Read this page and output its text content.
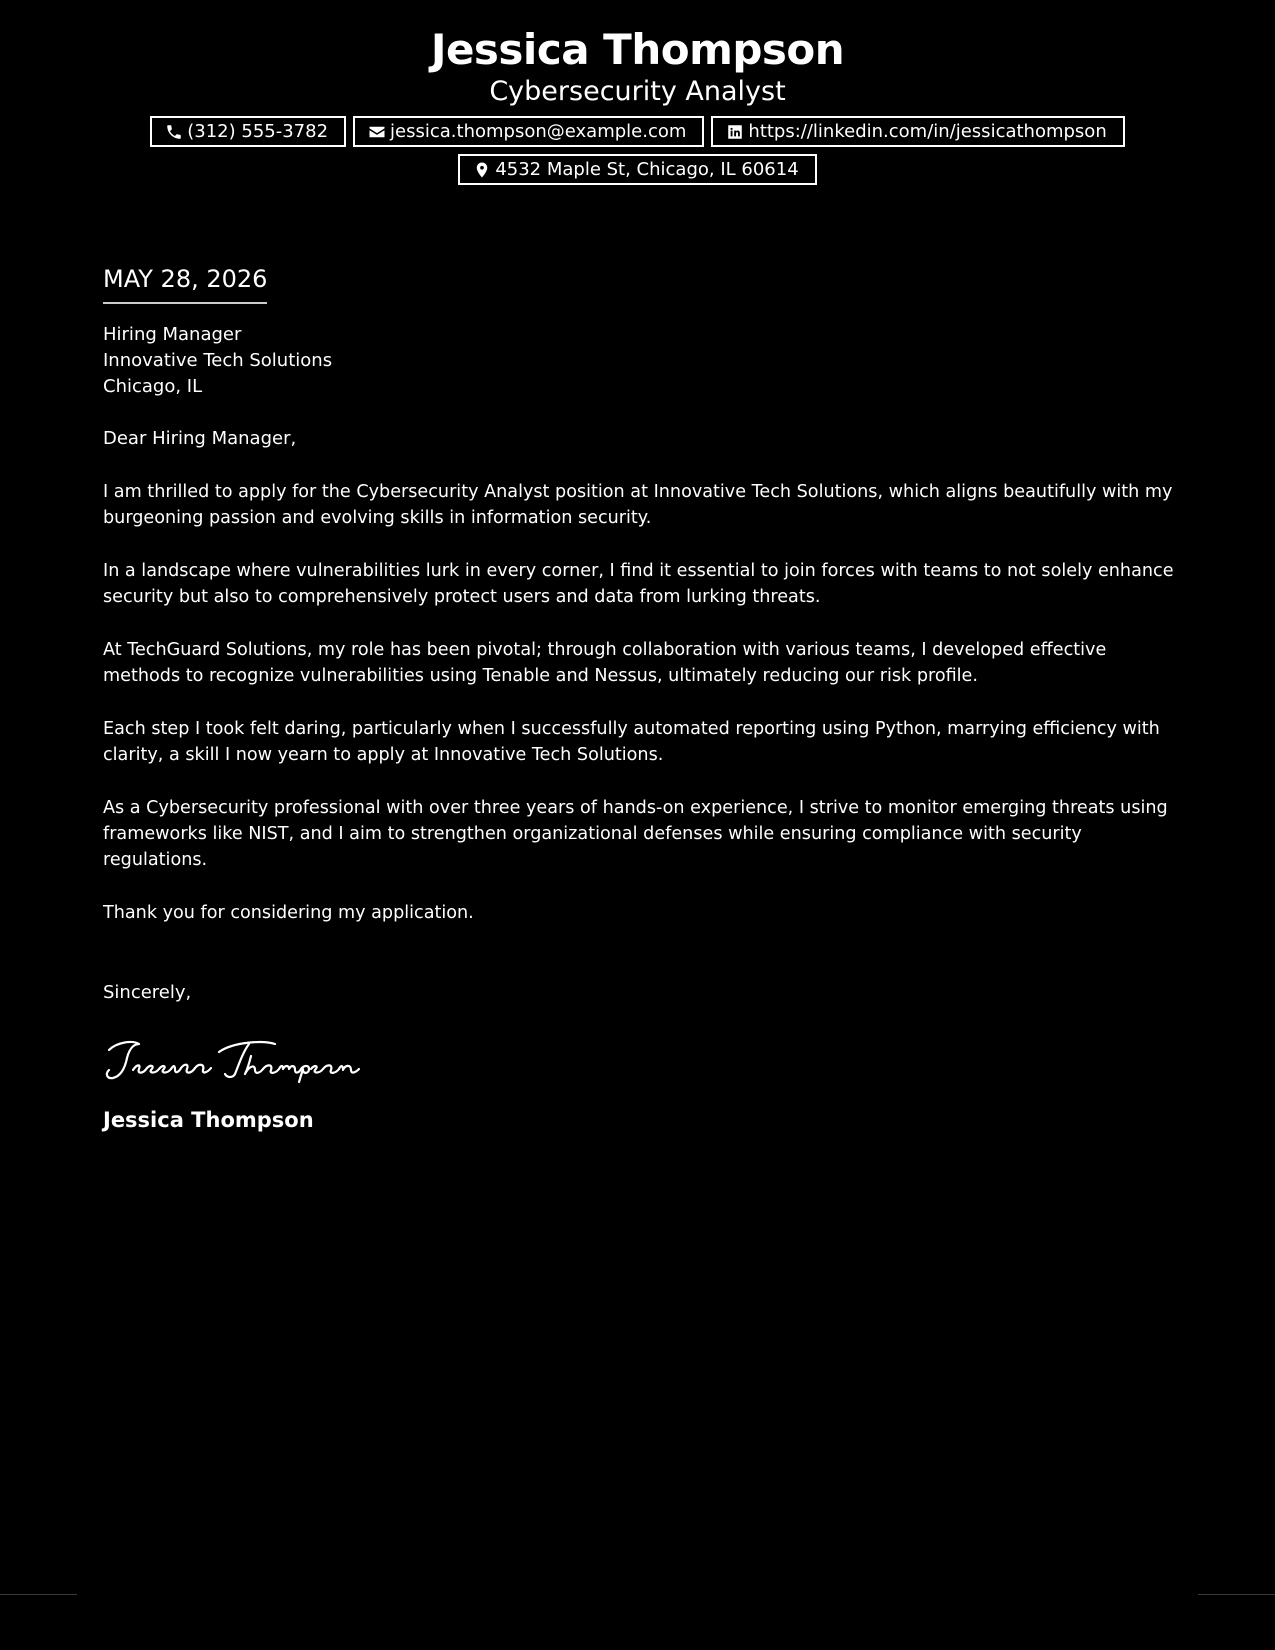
Jessica Thompson
Cybersecurity Analyst
(312) 555-3782	jessica.thompson@example.com	https://linkedin.com/in/jessicathompson
4532 Maple St, Chicago, IL 60614
MAY 28, 2026
Hiring Manager
Innovative Tech Solutions
Chicago, IL
Dear Hiring Manager,

I am thrilled to apply for the Cybersecurity Analyst position at Innovative Tech Solutions, which aligns beautifully with my burgeoning passion and evolving skills in information security.

In a landscape where vulnerabilities lurk in every corner, I find it essential to join forces with teams to not solely enhance security but also to comprehensively protect users and data from lurking threats.

At TechGuard Solutions, my role has been pivotal; through collaboration with various teams, I developed effective methods to recognize vulnerabilities using Tenable and Nessus, ultimately reducing our risk profile.

Each step I took felt daring, particularly when I successfully automated reporting using Python, marrying efficiency with clarity, a skill I now yearn to apply at Innovative Tech Solutions.

As a Cybersecurity professional with over three years of hands-on experience, I strive to monitor emerging threats using frameworks like NIST, and I aim to strengthen organizational defenses while ensuring compliance with security regulations.

Thank you for considering my application.

Sincerely,
Jessica Thompson
